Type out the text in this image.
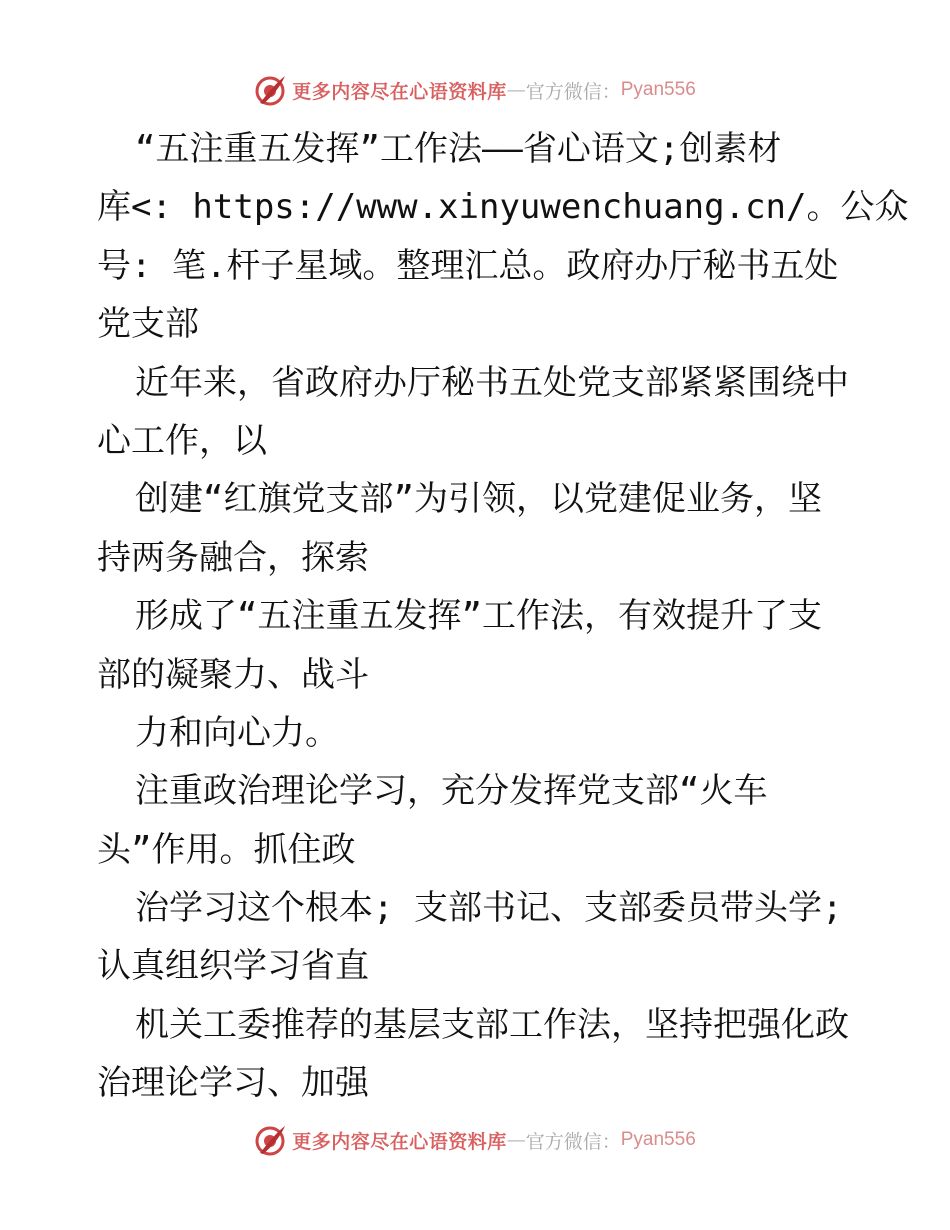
更多内容尽在心语资料库 — 官方微信： Pyan556
“五注重五发挥”工作法——省心语文;创素材
库<: https://www.xinyuwenchuang.cn/。公众
号: 笔.杆子星域。整理汇总。政府办厅秘书五处
党支部
近年来，省政府办厅秘书五处党支部紧紧围绕中
心工作，以
创建“红旗党支部”为引领，以党建促业务，坚
持两务融合，探索
形成了“五注重五发挥”工作法，有效提升了支
部的凝聚力、战斗
力和向心力。
注重政治理论学习，充分发挥党支部“火车
头”作用。抓住政
治学习这个根本; 支部书记、支部委员带头学;
认真组织学习省直
机关工委推荐的基层支部工作法，坚持把强化政
治理论学习、加强
更多内容尽在心语资料库 — 官方微信： Pyan556
